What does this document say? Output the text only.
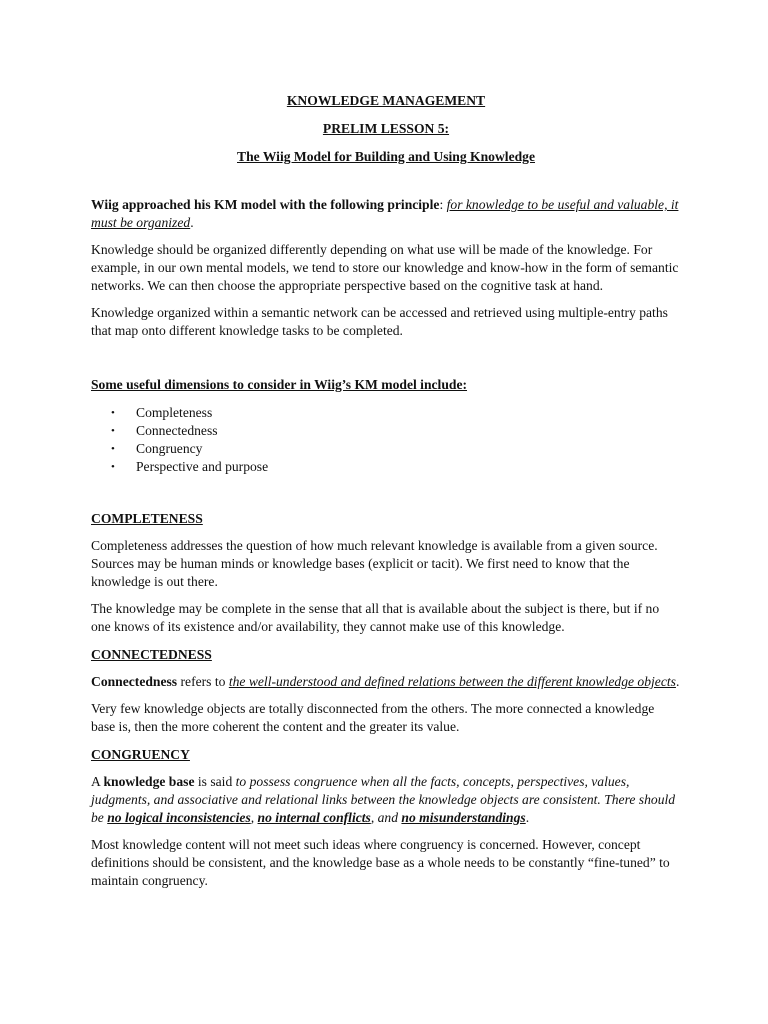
KNOWLEDGE MANAGEMENT

PRELIM LESSON 5:

The Wiig Model for Building and Using Knowledge

Wiig approached his KM model with the following principle: for knowledge to be useful and valuable, it must be organized.

Knowledge should be organized differently depending on what use will be made of the knowledge. For example, in our own mental models, we tend to store our knowledge and know-how in the form of semantic networks. We can then choose the appropriate perspective based on the cognitive task at hand.

Knowledge organized within a semantic network can be accessed and retrieved using multiple-entry paths that map onto different knowledge tasks to be completed.

Some useful dimensions to consider in Wiig’s KM model include:

• Completeness
• Connectedness
• Congruency
• Perspective and purpose

COMPLETENESS

Completeness addresses the question of how much relevant knowledge is available from a given source. Sources may be human minds or knowledge bases (explicit or tacit). We first need to know that the knowledge is out there.

The knowledge may be complete in the sense that all that is available about the subject is there, but if no one knows of its existence and/or availability, they cannot make use of this knowledge.

CONNECTEDNESS

Connectedness refers to the well-understood and defined relations between the different knowledge objects.

Very few knowledge objects are totally disconnected from the others. The more connected a knowledge base is, then the more coherent the content and the greater its value.

CONGRUENCY

A knowledge base is said to possess congruence when all the facts, concepts, perspectives, values, judgments, and associative and relational links between the knowledge objects are consistent. There should be no logical inconsistencies, no internal conflicts, and no misunderstandings.

Most knowledge content will not meet such ideas where congruency is concerned. However, concept definitions should be consistent, and the knowledge base as a whole needs to be constantly “fine-tuned” to maintain congruency.
